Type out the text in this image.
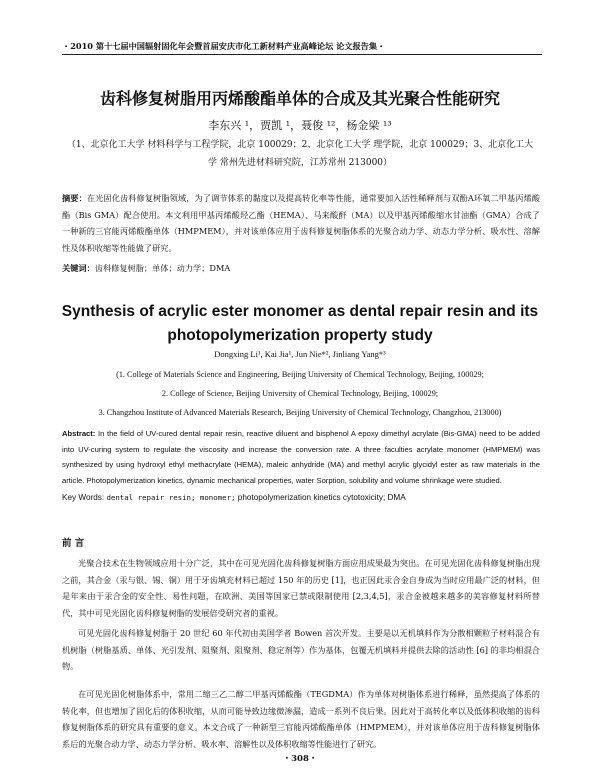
・2010 第十七届中国辐射固化年会暨首届安庆市化工新材料产业高峰论坛 论文报告集・
齿科修复树脂用丙烯酸酯单体的合成及其光聚合性能研究
李东兴 ¹，贾凯 ¹，聂俊 ¹²，杨金梁 ¹³
（1、北京化工大学 材料科学与工程学院，北京 100029；2、北京化工大学 理学院，北京 100029；3、北京化工大
学 常州先进材料研究院，江苏常州 213000）
摘要：在光固化齿科修复树脂领域，为了调节体系的黏度以及提高转化率等性能，通常要加入活性稀释剂与双酚A环氧二甲基丙烯酸酯（Bis GMA）配合使用。本文利用甲基丙烯酸羟乙酯（HEMA）、马来酸酐（MA）以及甲基丙烯酸缩水甘油酯（GMA）合成了一种新的三官能丙烯酸酯单体（HMPMEM），并对该单体应用于齿科修复树脂体系的光聚合动力学、动态力学分析、吸水性、溶解性及体积收缩等性能做了研究。
关键词：齿科修复树脂；单体；动力学；DMA
Synthesis of acrylic ester monomer as dental repair resin and its
photopolymerization property study
Dongxing Li¹, Kai Jia¹, Jun Nie*², Jinliang Yang*³
(1. College of Materials Science and Engineering, Beijing University of Chemical Technology, Beijing, 100029;
2. College of Science, Beijing University of Chemical Technology, Beijing, 100029;
3. Changzhou Institute of Advanced Materials Research, Beijing University of Chemical Technology, Changzhou, 213000)
Abstract: In the field of UV-cured dental repair resin, reactive diluent and bisphenol A epoxy dimethyl acrylate (Bis-GMA) need to be added into UV-curing system to regulate the viscosity and increase the conversion rate. A three faculties acrylate monomer (HMPMEM) was synthesized by using hydroxyl ethyl methacrylate (HEMA), maleic anhydride (MA) and methyl acrylic glycidyl ester as raw materials in the article. Photopolymerization kinetics, dynamic mechanical properties, water Sorption, solubility and volume shrinkage were studied.
Key Words: dental repair resin; monomer; photopolymerization kinetics cytotoxicity; DMA
前 言

光聚合技术在生物领域应用十分广泛，其中在可见光固化齿科修复树脂方面应用成果最为突出。在可见光固化齿科修复树脂出现之前，其合金（汞与银、锡、铜）用于牙齿填充材料已超过 150 年的历史 [1]，也正因此汞合金自身成为当时应用最广泛的材料，但是年来由于汞合金的安全性、易性问题，在欧洲、美国等国家已禁或限制使用 [2,3,4,5]，汞合金被越来越多的美容修复材料所替代，其中可见光固化齿科修复树脂的发展倍受研究者的重视。

可见光固化齿科修复树脂于 20 世纪 60 年代初由美国学者 Bowen 首次开发。主要是以无机填料作为分散相颗粒子材料混合有机树脂（树脂基质、单体、光引发剂、阻聚剂、阻聚剂、稳定剂等）作为基体，包覆无机填料并提供去除的活动性 [6] 的非均相混合物。

在可见光固化树脂体系中，常用二缩三乙二醇二甲基丙烯酸酯（TEGDMA）作为单体对树脂体系进行稀释，虽然提高了体系的转化率，但也增加了固化后的体积收缩，从而可能导致边缘微渗漏，造成一系列不良后果。因此对于高转化率以及低体积收缩的齿科修复树脂体系的研究具有重要的意义。本文合成了一种新型三官能丙烯酸酯单体（HMPMEM），并对该单体应用于齿科修复树脂体系后的光聚合动力学、动态力学分析、吸水率、溶解性以及体积收缩等性能进行了研究。

・308・
